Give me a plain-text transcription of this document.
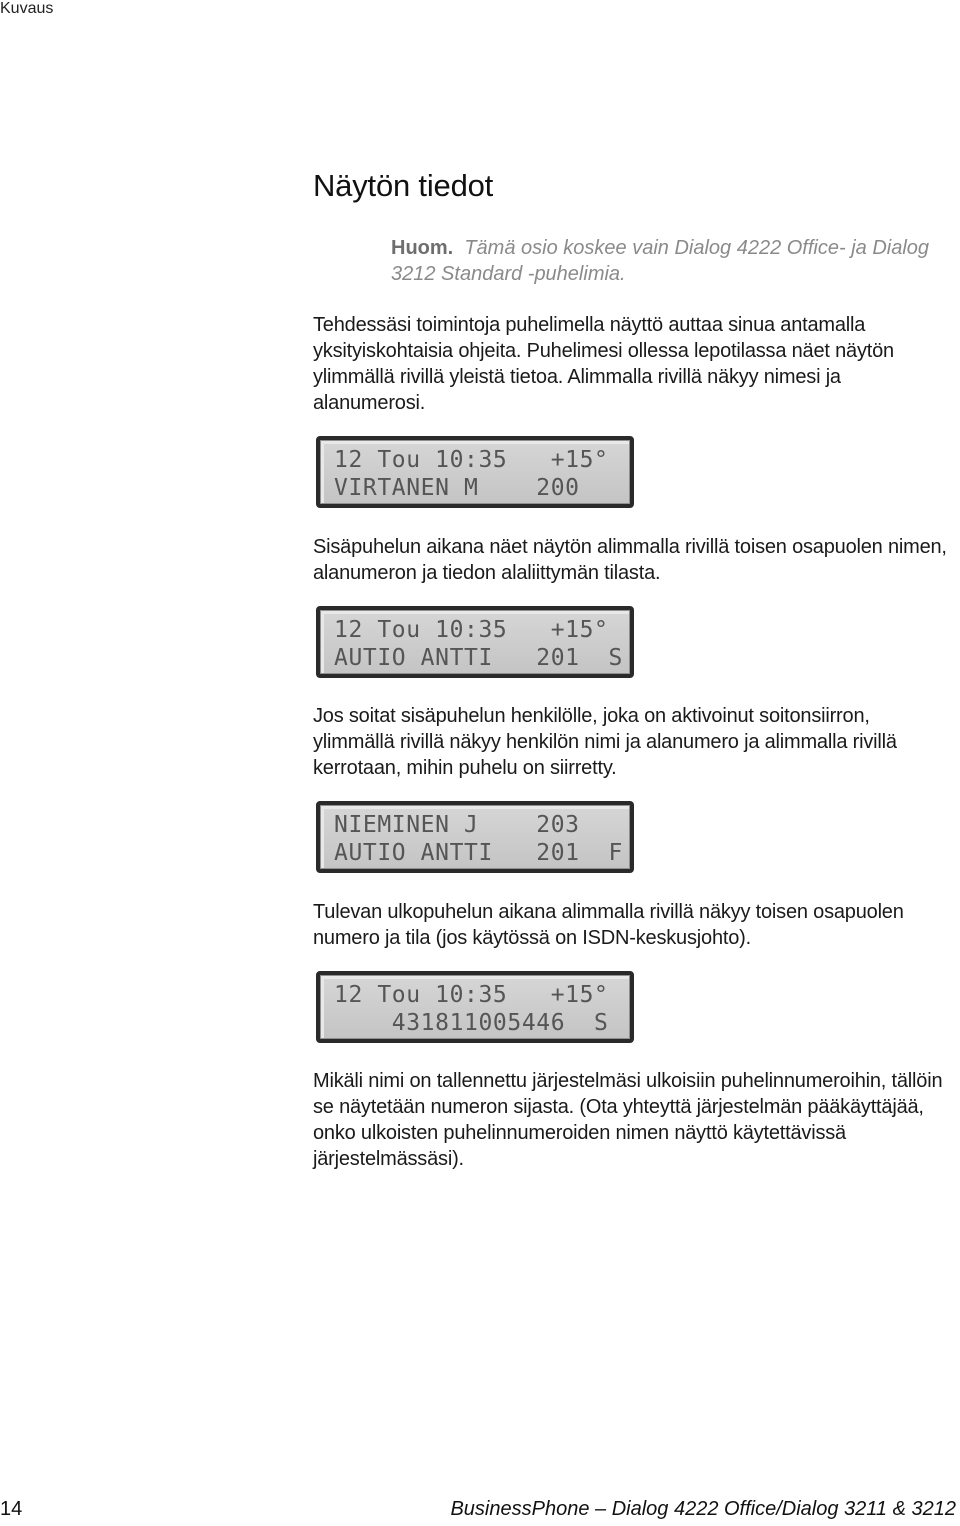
Kuvaus
Näytön tiedot
Huom. Tämä osio koskee vain Dialog 4222 Office- ja Dialog 3212 Standard -puhelimia.
Tehdessäsi toimintoja puhelimella näyttö auttaa sinua antamalla yksityiskohtaisia ohjeita. Puhelimesi ollessa lepotilassa näet näytön ylimmällä rivillä yleistä tietoa. Alimmalla rivillä näkyy nimesi ja alanumerosi.
12 Tou 10:35   +15°
VIRTANEN M    200
Sisäpuhelun aikana näet näytön alimmalla rivillä toisen osapuolen nimen, alanumeron ja tiedon alaliittymän tilasta.
12 Tou 10:35   +15°
AUTIO ANTTI   201  S
Jos soitat sisäpuhelun henkilölle, joka on aktivoinut soitonsiirron, ylimmällä rivillä näkyy henkilön nimi ja alanumero ja alimmalla rivillä kerrotaan, mihin puhelu on siirretty.
NIEMINEN J    203
AUTIO ANTTI   201  F
Tulevan ulkopuhelun aikana alimmalla rivillä näkyy toisen osapuolen numero ja tila (jos käytössä on ISDN-keskusjohto).
12 Tou 10:35   +15°
431811005446  S
Mikäli nimi on tallennettu järjestelmäsi ulkoisiin puhelinnumeroihin, tällöin se näytetään numeron sijasta. (Ota yhteyttä järjestelmän pääkäyttäjää, onko ulkoisten puhelinnumeroiden nimen näyttö käytettävissä järjestelmässäsi).
14	BusinessPhone – Dialog 4222 Office/Dialog 3211 & 3212
